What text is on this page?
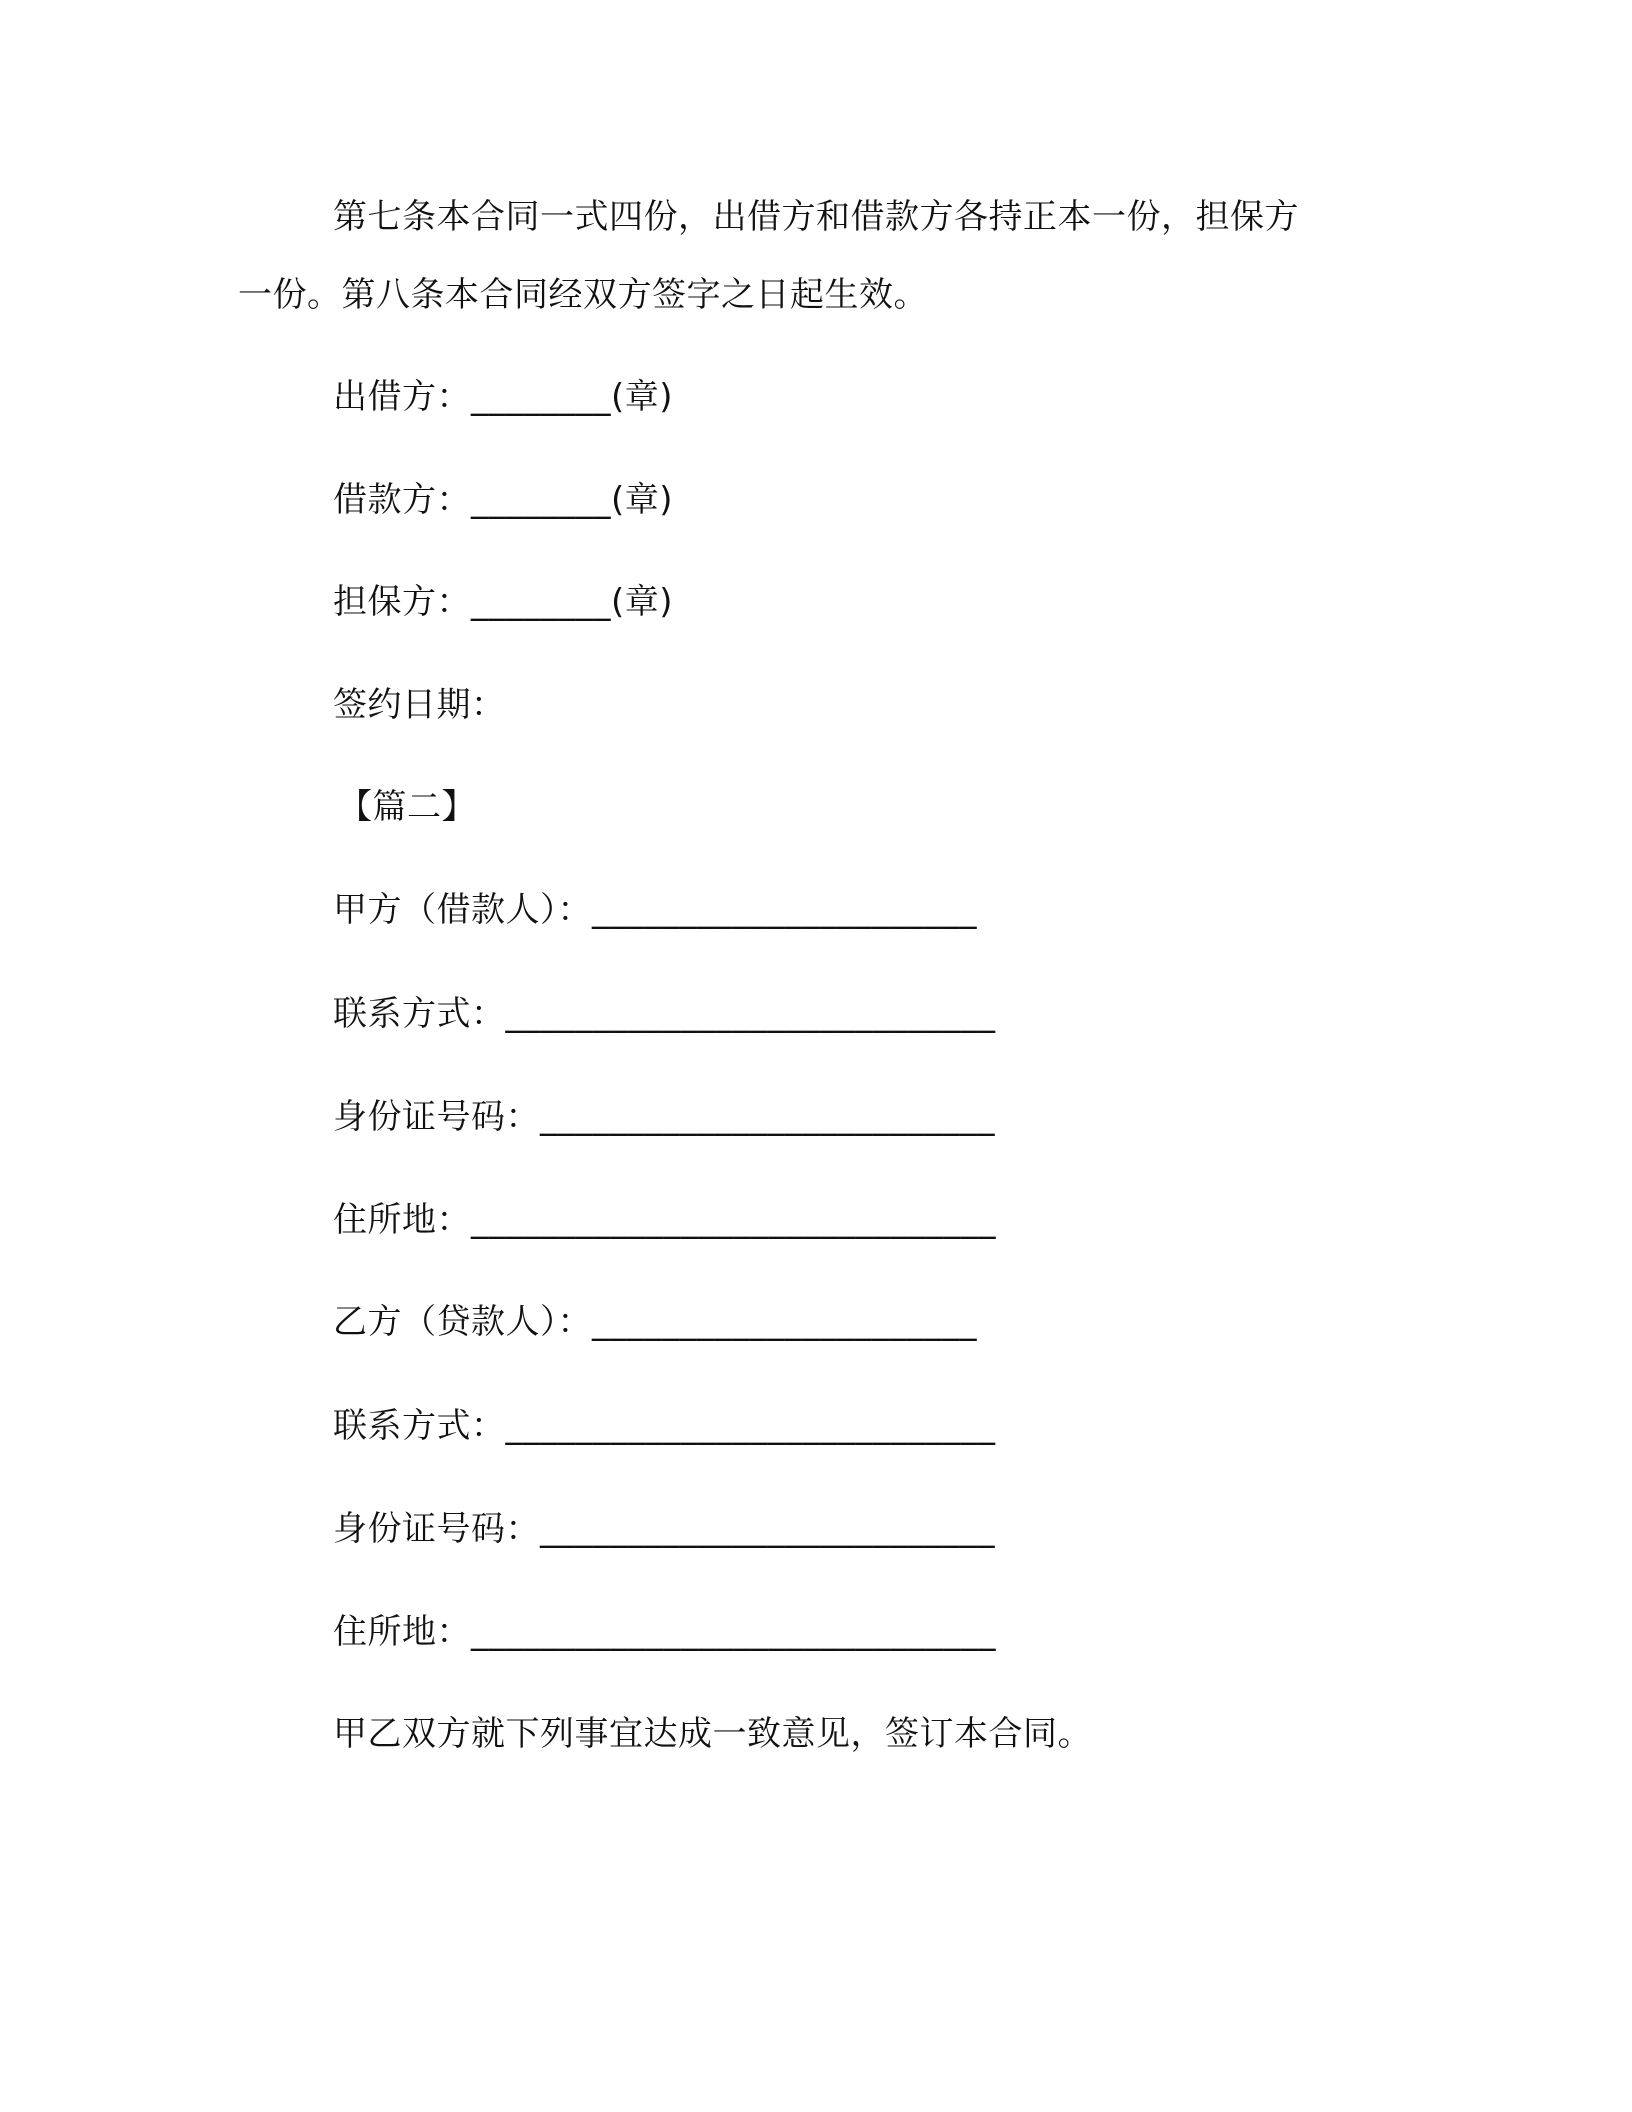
第七条本合同一式四份，出借方和借款方各持正本一份，担保方
一份。第八条本合同经双方签字之日起生效。
出借方：________(章)
借款方：________(章)
担保方：________(章)
签约日期：
【篇二】
甲方（借款人）：______________________
联系方式：____________________________
身份证号码：__________________________
住所地：______________________________
乙方（贷款人）：______________________
联系方式：____________________________
身份证号码：__________________________
住所地：______________________________
甲乙双方就下列事宜达成一致意见，签订本合同。
